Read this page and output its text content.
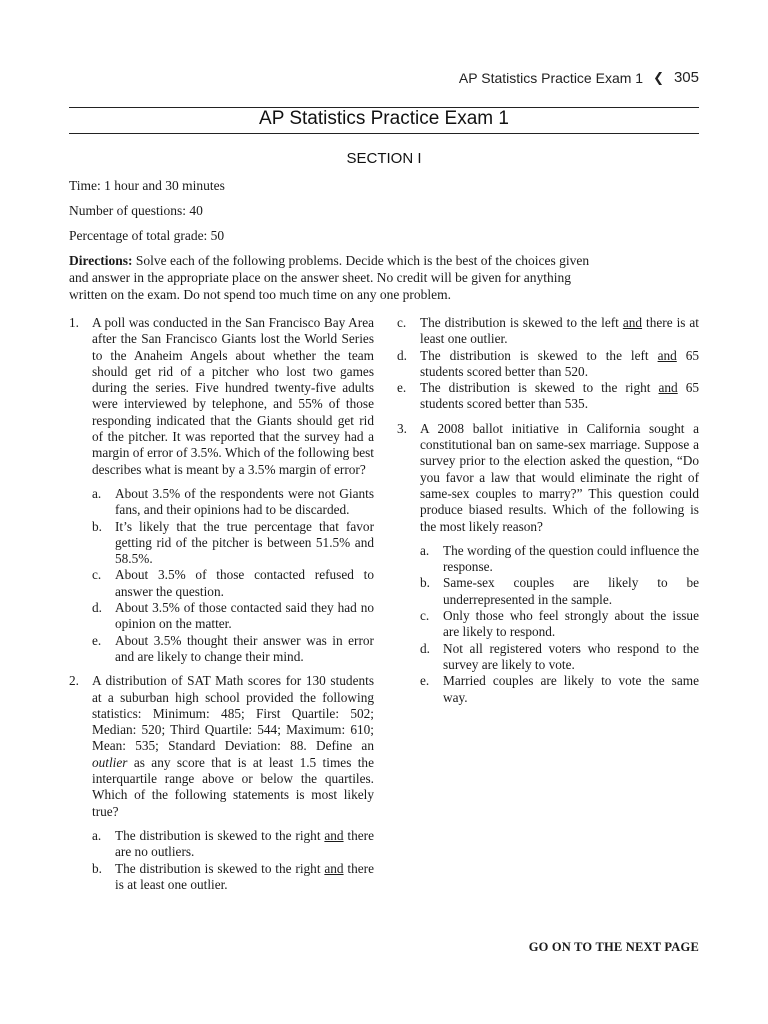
AP Statistics Practice Exam 1 ❮ 305
AP Statistics Practice Exam 1
SECTION I
Time: 1 hour and 30 minutes
Number of questions: 40
Percentage of total grade: 50
Directions: Solve each of the following problems. Decide which is the best of the choices given and answer in the appropriate place on the answer sheet. No credit will be given for anything written on the exam. Do not spend too much time on any one problem.
1. A poll was conducted in the San Francisco Bay Area after the San Francisco Giants lost the World Series to the Anaheim Angels about whether the team should get rid of a pitcher who lost two games during the series. Five hundred twenty-five adults were interviewed by telephone, and 55% of those responding indicated that the Giants should get rid of the pitcher. It was reported that the survey had a margin of error of 3.5%. Which of the following best describes what is meant by a 3.5% margin of error?
a. About 3.5% of the respondents were not Giants fans, and their opinions had to be discarded.
b. It’s likely that the true percentage that favor getting rid of the pitcher is between 51.5% and 58.5%.
c. About 3.5% of those contacted refused to answer the question.
d. About 3.5% of those contacted said they had no opinion on the matter.
e. About 3.5% thought their answer was in error and are likely to change their mind.
2. A distribution of SAT Math scores for 130 students at a suburban high school provided the following statistics: Minimum: 485; First Quartile: 502; Median: 520; Third Quartile: 544; Maximum: 610; Mean: 535; Standard Deviation: 88. Define an outlier as any score that is at least 1.5 times the interquartile range above or below the quartiles. Which of the following statements is most likely true?
a. The distribution is skewed to the right and there are no outliers.
b. The distribution is skewed to the right and there is at least one outlier.
c. The distribution is skewed to the left and there is at least one outlier.
d. The distribution is skewed to the left and 65 students scored better than 520.
e. The distribution is skewed to the right and 65 students scored better than 535.
3. A 2008 ballot initiative in California sought a constitutional ban on same-sex marriage. Suppose a survey prior to the election asked the question, “Do you favor a law that would eliminate the right of same-sex couples to marry?” This question could produce biased results. Which of the following is the most likely reason?
a. The wording of the question could influence the response.
b. Same-sex couples are likely to be underrepresented in the sample.
c. Only those who feel strongly about the issue are likely to respond.
d. Not all registered voters who respond to the survey are likely to vote.
e. Married couples are likely to vote the same way.
GO ON TO THE NEXT PAGE
